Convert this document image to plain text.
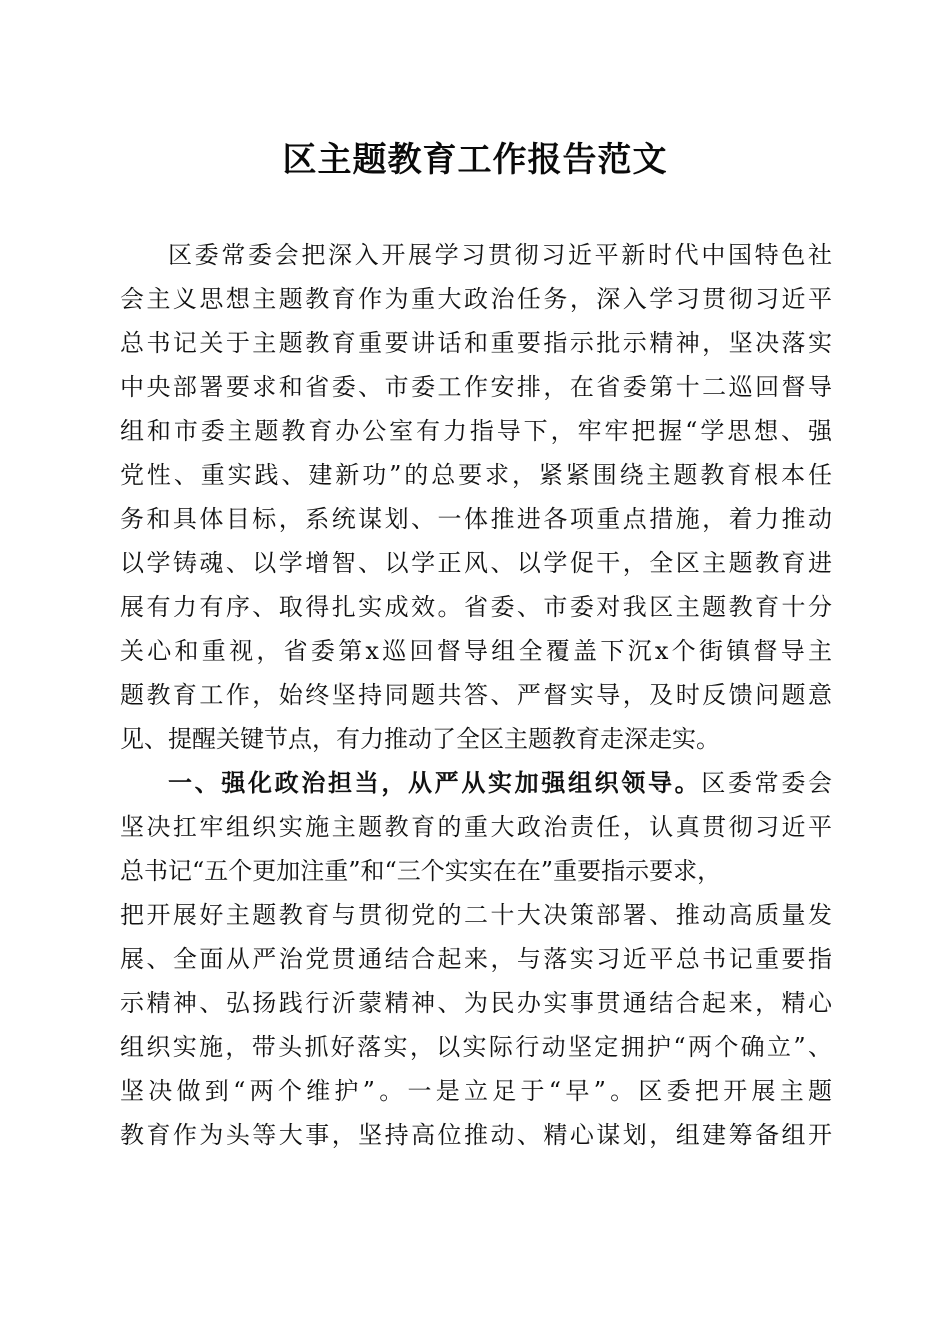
区主题教育工作报告范文
区委常委会把深入开展学习贯彻习近平新时代中国特色社
会主义思想主题教育作为重大政治任务，深入学习贯彻习近平
总书记关于主题教育重要讲话和重要指示批示精神，坚决落实
中央部署要求和省委、市委工作安排，在省委第十二巡回督导
组和市委主题教育办公室有力指导下，牢牢把握“学思想、强
党性、重实践、建新功”的总要求，紧紧围绕主题教育根本任
务和具体目标，系统谋划、一体推进各项重点措施，着力推动
以学铸魂、以学增智、以学正风、以学促干，全区主题教育进
展有力有序、取得扎实成效。省委、市委对我区主题教育十分
关心和重视，省委第x巡回督导组全覆盖下沉x个街镇督导主
题教育工作，始终坚持同题共答、严督实导，及时反馈问题意
见、提醒关键节点，有力推动了全区主题教育走深走实。
一、强化政治担当，从严从实加强组织领导。区委常委会
坚决扛牢组织实施主题教育的重大政治责任，认真贯彻习近平
总书记“五个更加注重”和“三个实实在在”重要指示要求，
把开展好主题教育与贯彻党的二十大决策部署、推动高质量发
展、全面从严治党贯通结合起来，与落实习近平总书记重要指
示精神、弘扬践行沂蒙精神、为民办实事贯通结合起来，精心
组织实施，带头抓好落实，以实际行动坚定拥护“两个确立”、
坚决做到“两个维护”。一是立足于“早”。区委把开展主题
教育作为头等大事，坚持高位推动、精心谋划，组建筹备组开
